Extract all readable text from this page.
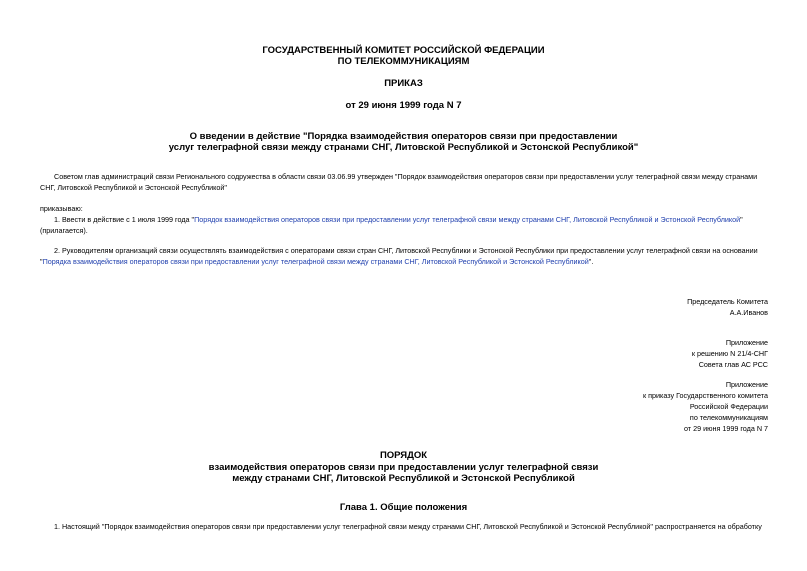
ГОСУДАРСТВЕННЫЙ КОМИТЕТ РОССИЙСКОЙ ФЕДЕРАЦИИ
ПО ТЕЛЕКОММУНИКАЦИЯМ
ПРИКАЗ
от 29 июня 1999 года N 7
О введении в действие "Порядка взаимодействия операторов связи при предоставлении
услуг телеграфной связи между странами СНГ, Литовской Республикой и Эстонской Республикой"
Советом глав администраций связи Регионального содружества в области связи 03.06.99 утвержден "Порядок взаимодействия операторов связи при предоставлении услуг телеграфной связи между странами
СНГ, Литовской Республикой и Эстонской Республикой"
приказываю:
1. Ввести в действие с 1 июля 1999 года "Порядок взаимодействия операторов связи при предоставлении услуг телеграфной связи между странами СНГ, Литовской Республикой и Эстонской Республикой"
(прилагается).
2. Руководителям организаций связи осуществлять взаимодействия с операторами связи стран СНГ, Литовской Республики и Эстонской Республики при предоставлении услуг телеграфной связи на основании
"Порядка взаимодействия операторов связи при предоставлении услуг телеграфной связи между странами СНГ, Литовской Республикой и Эстонской Республикой".
Председатель Комитета
А.А.Иванов
Приложение
к решению N 21/4-СНГ
Совета глав АС РСС
Приложение
к приказу Государственного комитета
Российской Федерации
по телекоммуникациям
от 29 июня 1999 года N 7
ПОРЯДОК
взаимодействия операторов связи при предоставлении услуг телеграфной связи
между странами СНГ, Литовской Республикой и Эстонской Республикой
Глава 1. Общие положения
1. Настоящий "Порядок взаимодействия операторов связи при предоставлении услуг телеграфной связи между странами СНГ, Литовской Республикой и Эстонской Республикой" распространяется на обработку
